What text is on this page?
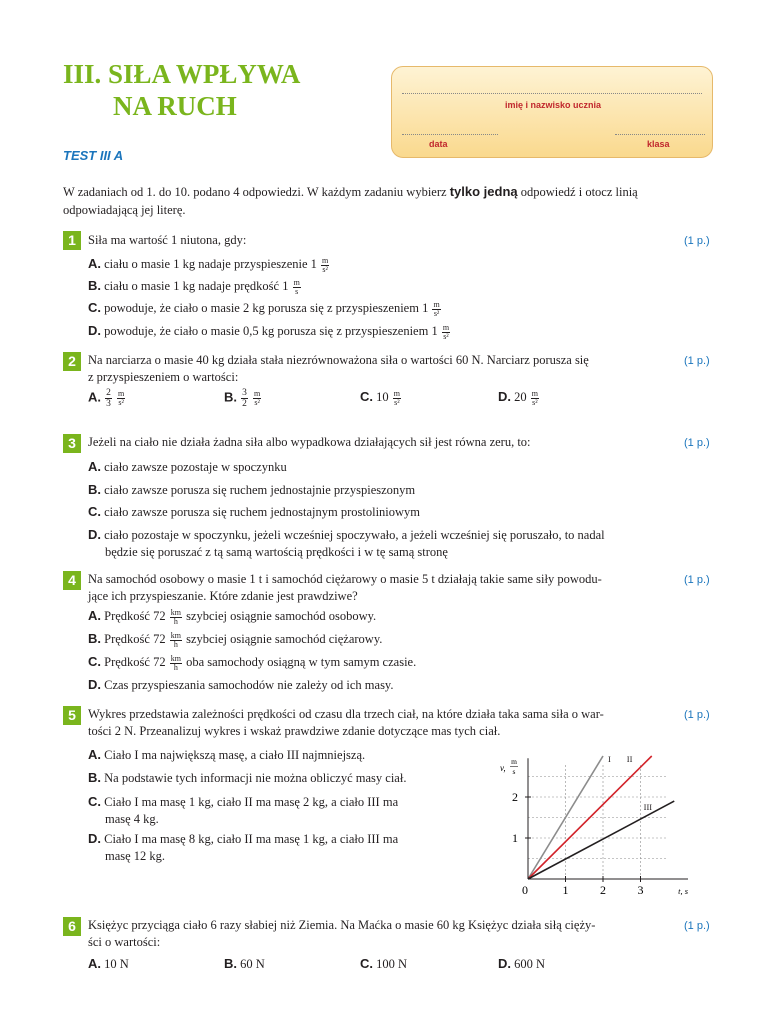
III. SIŁA WPŁYWA
NA RUCH
TEST III A
imię i nazwisko ucznia
data	klasa
W zadaniach od 1. do 10. podano 4 odpowiedzi. W każdym zadaniu wybierz tylko jedną odpowiedź i otocz linią odpowiadającą jej literę.
1 Siła ma wartość 1 niutona, gdy:	(1 p.)
A. ciału o masie 1 kg nadaje przyspieszenie $1 \frac{m}{\text{s²}}$
B. ciału o masie 1 kg nadaje prędkość $1 \frac{m}{s}$
C. powoduje, że ciało o masie 2 kg porusza się z przyspieszeniem $1 \frac{m}{\text{s²}}$
D. powoduje, że ciało o masie 0,5 kg porusza się z przyspieszeniem $1 \frac{m}{\text{s²}}$
2 Na narciarza o masie 40 kg działa stała niezrównoważona siła o wartości 60 N. Narciarz porusza się
z przyspieszeniem o wartości:
(1 p.)
A. $\frac{2}{3}$
$\frac{m}{\text{s²}}$	B. $\frac{3}{2}$
$\frac{m}{\text{s²}}$	C. $10 \frac{m}{\text{s²}}$	D. $20 \frac{m}{\text{s²}}$
3 Jeżeli na ciało nie działa żadna siła albo wypadkowa działających sił jest równa zeru, to:	(1 p.)
A. ciało zawsze pozostaje w spoczynku
B. ciało zawsze porusza się ruchem jednostajnie przyspieszonym
C. ciało zawsze porusza się ruchem jednostajnym prostoliniowym
D. ciało pozostaje w spoczynku, jeżeli wcześniej spoczywało, a jeżeli wcześniej się poruszało, to nadal
będzie się poruszać z tą samą wartością prędkości i w tę samą stronę
4 Na samochód osobowy o masie 1 t i samochód ciężarowy o masie 5 t działają takie same siły powodu-
jące ich przyspieszanie. Które zdanie jest prawdziwe?
(1 p.)
A. Prędkość $72 \frac{km}{h}$ szybciej osiągnie samochód osobowy.
B. Prędkość $72 \frac{km}{h}$ szybciej osiągnie samochód ciężarowy.
C. Prędkość $72 \frac{km}{h}$ oba samochody osiągną w tym samym czasie.
D. Czas przyspieszania samochodów nie zależy od ich masy.
5 Wykres przedstawia zależności prędkości od czasu dla trzech ciał, na które działa taka sama siła o war-
tości 2 N. Przeanalizuj wykres i wskaż prawdziwe zdanie dotyczące mas tych ciał.
(1 p.)
A. Ciało I ma największą masę, a ciało III najmniejszą.
B. Na podstawie tych informacji nie można obliczyć masy ciał.
C. Ciało I ma masę 1 kg, ciało II ma masę 2 kg, a ciało III ma
masę 4 kg.
D. Ciało I ma masę 8 kg, ciało II ma masę 1 kg, a ciało III ma
masę 12 kg.
1	2	3
1
2
0	t, s
v,
m
s
I II
III
6 Księżyc przyciąga ciało 6 razy słabiej niż Ziemia. Na Maćka o masie 60 kg Księżyc działa siłą cięży-
ści o wartości:
(1 p.)
A. 10 N	B. 60 N	C. 100 N	D. 600 N
